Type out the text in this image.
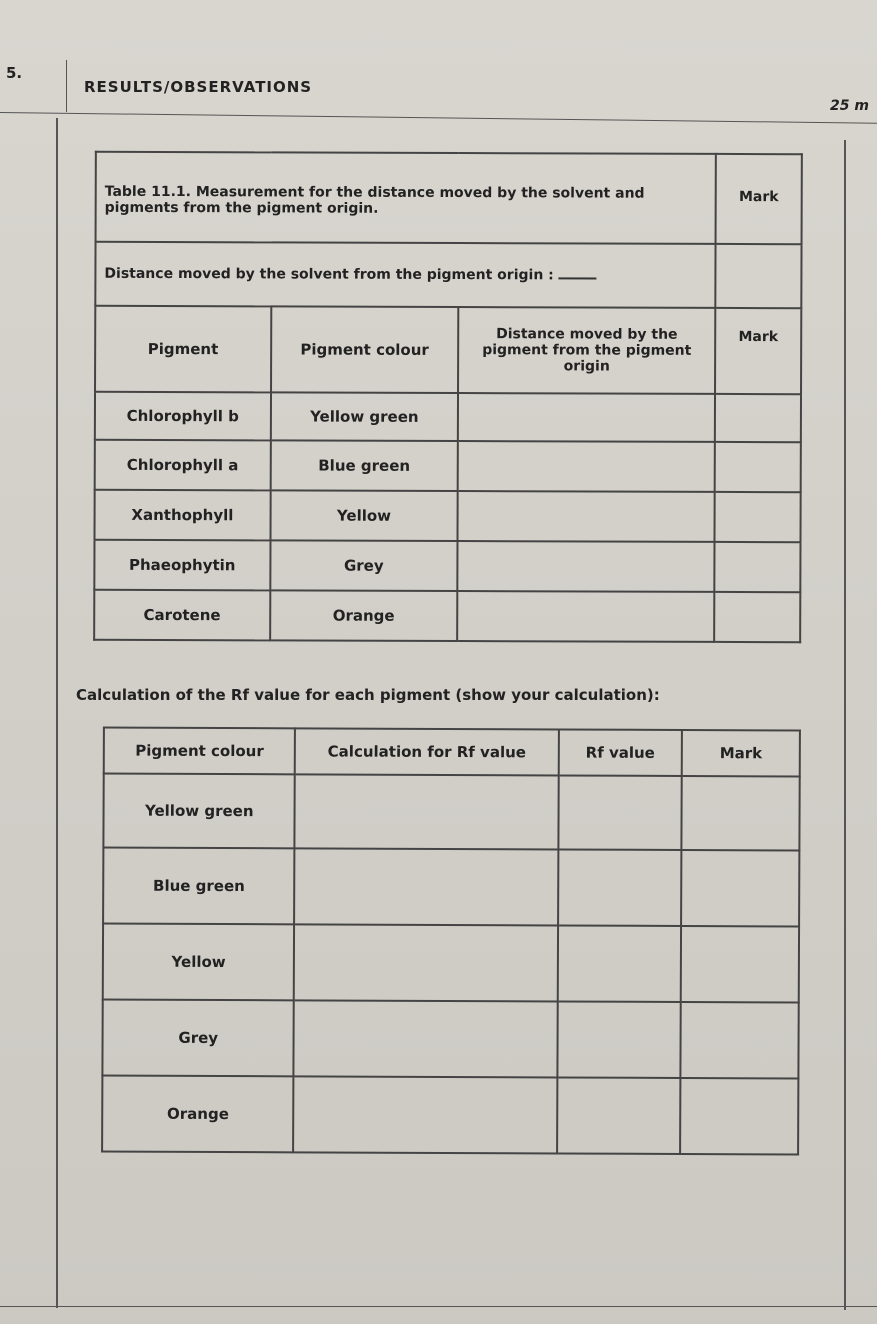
5.
RESULTS/OBSERVATIONS
25 m
Table 11.1. Measurement for the distance moved by the solvent and pigments from the pigment origin.			Mark
Distance moved by the solvent from the pigment origin :			
Pigment	Pigment colour	Distance moved by the pigment from the pigment origin	Mark
Chlorophyll b	Yellow green		
Chlorophyll a	Blue green		
Xanthophyll	Yellow		
Phaeophytin	Grey		
Carotene	Orange		
Calculation of the Rf value for each pigment (show your calculation):
Pigment colour	Calculation for Rf value	Rf value	Mark
Yellow green			
Blue green			
Yellow			
Grey			
Orange			
